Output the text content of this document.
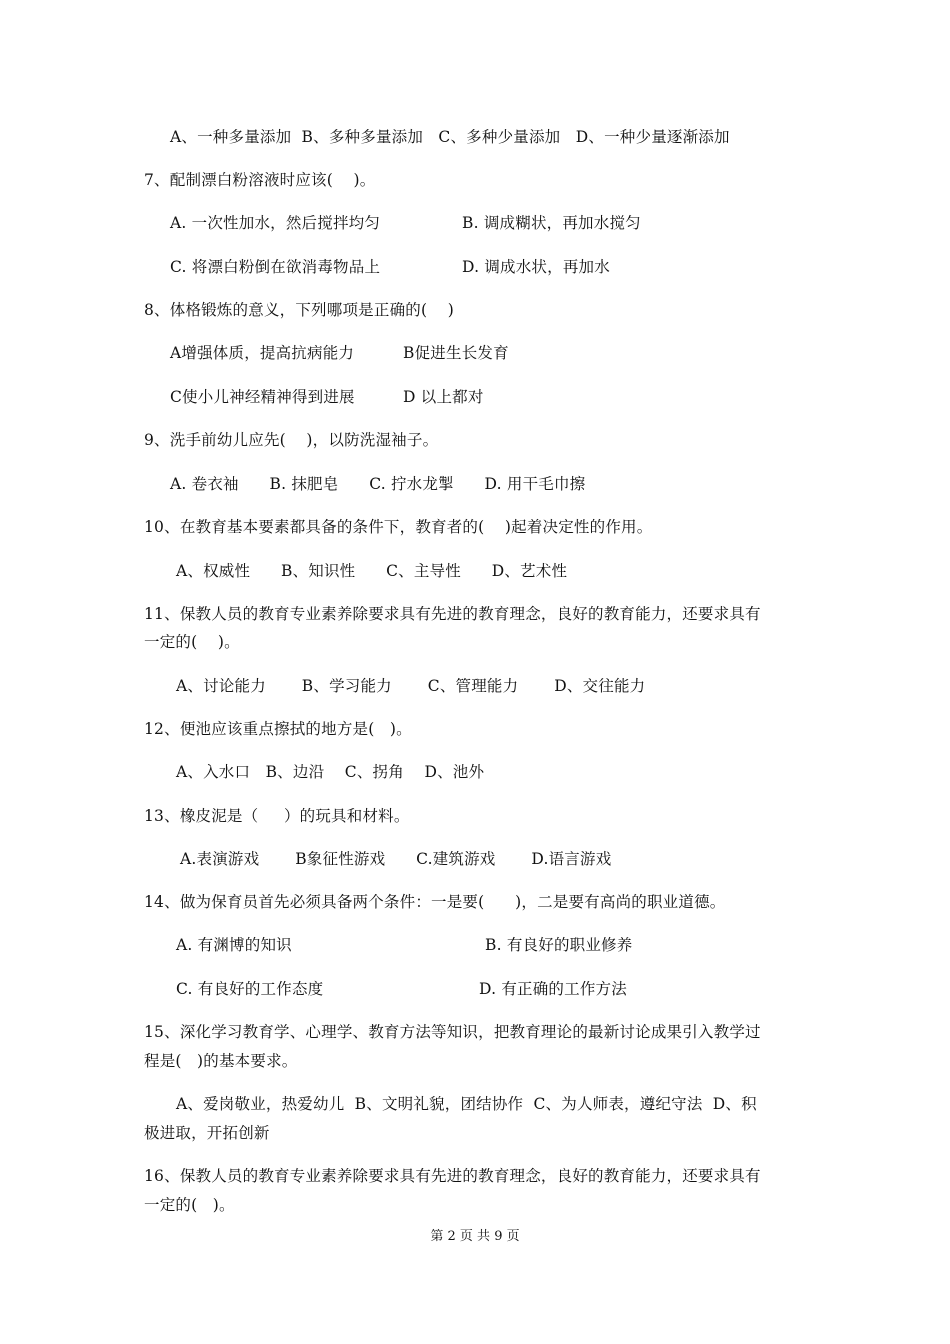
A、一种多量添加  B、多种多量添加   C、多种少量添加   D、一种少量逐渐添加
7、配制漂白粉溶液时应该(    )。
A. 一次性加水，然后搅拌均匀	B. 调成糊状，再加水搅匀
C. 将漂白粉倒在欲消毒物品上	D. 调成水状，再加水
8、体格锻炼的意义，下列哪项是正确的(    )
A增强体质，提高抗病能力	B促进生长发育
C使小儿神经精神得到进展	D 以上都对
9、洗手前幼儿应先(    )，以防洗湿袖子。
A. 卷衣袖      B. 抹肥皂      C. 拧水龙掣      D. 用干毛巾擦
10、在教育基本要素都具备的条件下，教育者的(    )起着决定性的作用。
A、权威性      B、知识性      C、主导性      D、艺术性
11、保教人员的教育专业素养除要求具有先进的教育理念，良好的教育能力，还要求具有
一定的(    )。
A、讨论能力       B、学习能力       C、管理能力       D、交往能力
12、便池应该重点擦拭的地方是(   )。
A、入水口   B、边沿    C、拐角    D、池外
13、橡皮泥是（     ）的玩具和材料。
A.表演游戏       B象征性游戏      C.建筑游戏       D.语言游戏
14、做为保育员首先必须具备两个条件：一是要(      )，二是要有高尚的职业道德。
A. 有渊博的知识	B. 有良好的职业修养
C. 有良好的工作态度	D. 有正确的工作方法
15、深化学习教育学、心理学、教育方法等知识，把教育理论的最新讨论成果引入教学过
程是(   )的基本要求。
A、爱岗敬业，热爱幼儿  B、文明礼貌，团结协作  C、为人师表，遵纪守法  D、积
极进取，开拓创新
16、保教人员的教育专业素养除要求具有先进的教育理念，良好的教育能力，还要求具有
一定的(   )。
第 2 页 共 9 页
